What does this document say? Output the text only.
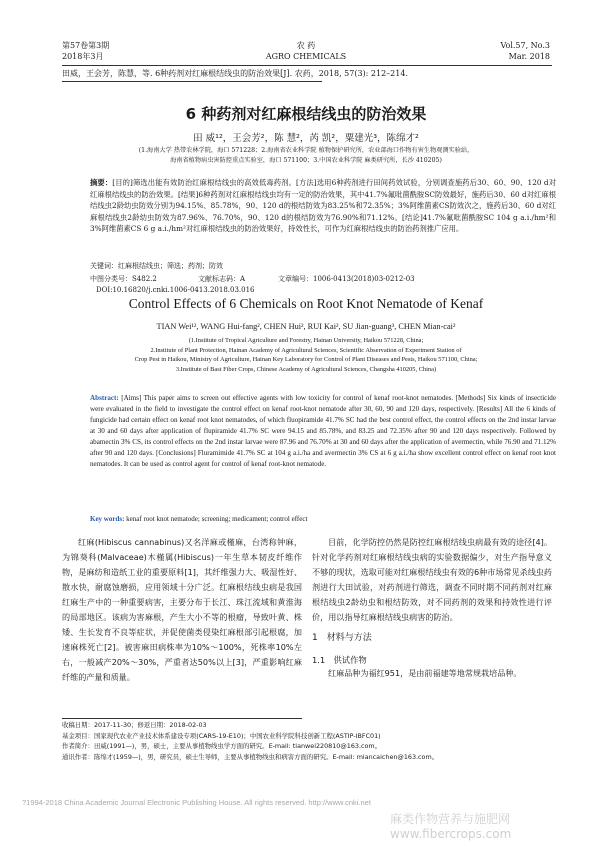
第57卷第3期
2018年3月
农 药
AGRO CHEMICALS
Vol.57, No.3
Mar. 2018
田威，王会芳，陈慧，等. 6种药剂对红麻根结线虫的防治效果[J]. 农药，2018, 57(3): 212–214.
6 种药剂对红麻根结线虫的防治效果
田 威¹²，王会芳²，陈 慧²，芮 凯²，粟建光³，陈绵才²
(1.海南大学 热带农林学院，海口 571228；2.海南省农业科学院 植物保护研究所，农业部海口作物有害生物观测实验站，
海南省植物病虫害防控重点实验室，海口 571100；3.中国农业科学院 麻类研究所，长沙 410205)
摘要：[目的]筛选出能有效防治红麻根结线虫的高效低毒药剂。[方法]选用6种药剂进行田间药效试验，分别调查施药后30、60、90、120 d对红麻根结线虫的防治效果。[结果]6种药剂对红麻根结线虫均有一定的防治效果，其中41.7%氟吡菌酰胺SC防效最好，施药后30、60 d对红麻根结线虫2龄幼虫防效分别为94.15%、85.78%，90、120 d的根结防效为83.25%和72.35%；3%阿维菌素CS防效次之，施药后30、60 d对红麻根结线虫2龄幼虫防效为87.96%、76.70%，90、120 d的根结防效为76.90%和71.12%。[结论]41.7%氟吡菌酰胺SC 104 g a.i./hm²和3%阿维菌素CS 6 g a.i./hm²对红麻根结线虫的防治效果好，持效性长，可作为红麻根结线虫的防治药剂推广应用。
关键词：红麻根结线虫；筛选；药剂；防效
中图分类号：S482.2	文献标志码：A	文章编号：1006-0413(2018)03-0212-03
DOI:10.16820/j.cnki.1006-0413.2018.03.016
Control Effects of 6 Chemicals on Root Knot Nematode of Kenaf
TIAN Wei¹², WANG Hui-fang², CHEN Hui², RUI Kai², SU Jian-guang³, CHEN Mian-cai²
(1.Institute of Tropical Agriculture and Forestry, Hainan University, Haikou 571228, China;
2.Institute of Plant Protection, Hainan Academy of Agricultural Sciences, Scientific Abservation of Experiment Station of
Crop Pest in Haikou, Ministry of Agriculture, Hainan Key Laboratory for Control of Plant Diseases and Pests, Haikou 571100, China;
3.Institute of Bast Fiber Crops, Chinese Academy of Agricultural Sciences, Changsha 410205, China)
Abstract: [Aims] This paper aims to screen out effective agents with low toxicity for control of kenaf root-knot nematodes. [Methods] Six kinds of insecticide were evaluated in the field to investigate the control effect on kenaf root-knot nematode after 30, 60, 90 and 120 days, respectively. [Results] All the 6 kinds of fungicide had certain effect on kenaf root knot nematodes, of which fluopiramide 41.7% SC had the best control effect, the control effects on the 2nd instar larvae at 30 and 60 days after application of flupiramide 41.7% SC were 94.15 and 85.78%, and 83.25 and 72.35% after 90 and 120 days respectively. Followed by abamectin 3% CS, its control effects on the 2nd instar larvae were 87.96 and 76.70% at 30 and 60 days after the application of avermectin, while 76.90 and 71.12% after 90 and 120 days. [Conclusions] Fluramimide 41.7% SC at 104 g a.i./ha and avermectin 3% CS at 6 g a.i./ha show excellent control effect on kenaf root knot nematodes. It can be used as control agent for control of kenaf root-knot nematode.
Key words: kenaf root knot nematode; screening; medicament; control effect

红麻(Hibiscus cannabinus)又名洋麻或槿麻，台湾称钟麻，为锦葵科(Malvaceae)木槿属(Hibiscus)一年生草本韧皮纤维作物，是麻纺和造纸工业的重要原料[1]，其纤维强力大、吸湿性好、散水快，耐腐蚀磨损，应用领域十分广泛。红麻根结线虫病是我国红麻生产中的一种重要病害，主要分布于长江、珠江流域和黄淮海的局部地区。该病为害麻根，产生大小不等的根瘤，导致叶黄、株矮、生长发育不良等症状，并促使菌类侵染红麻根部引起根腐，加速麻株死亡[2]。被害麻田病株率为10%～100%，死株率10%左右，一般减产20%～30%，严重者达50%以上[3]，严重影响红麻纤维的产量和质量。

目前，化学防控仍然是防控红麻根结线虫病最有效的途径[4]。针对化学药剂对红麻根结线虫病的实验数据偏少，对生产指导意义不够的现状，选取可能对红麻根结线虫有效的6种市场常见杀线虫药剂进行大田试验，对药剂进行筛选，调查不同时期不同药剂对红麻根结线虫2龄幼虫和根结防效，对不同药剂的效果和持效性进行评价，用以指导红麻根结线虫病害的防治。

1　材料与方法
1.1　供试作物

红麻品种为福红951，是由前福建等地常规栽培品种。

收稿日期：2017-11-30；修返日期：2018-02-03
基金项目：国家现代农业产业技术体系建设专项(CARS-19-E10)；中国农业科学院科技创新工程(ASTIP-IBFC01)
作者简介：田威(1991—)，男，硕士，主要从事植物线虫学方面的研究。E-mail: tianwei220810@163.com。
通讯作者：陈绵才(1959—)，男，研究员，硕士生导师，主要从事植物线虫和病害方面的研究。E-mail: miancaichen@163.com。
?1994-2018 China Academic Journal Electronic Publishing House. All rights reserved. http://www.cnki.net
麻类作物营养与施肥网 www.fibercrops.com
